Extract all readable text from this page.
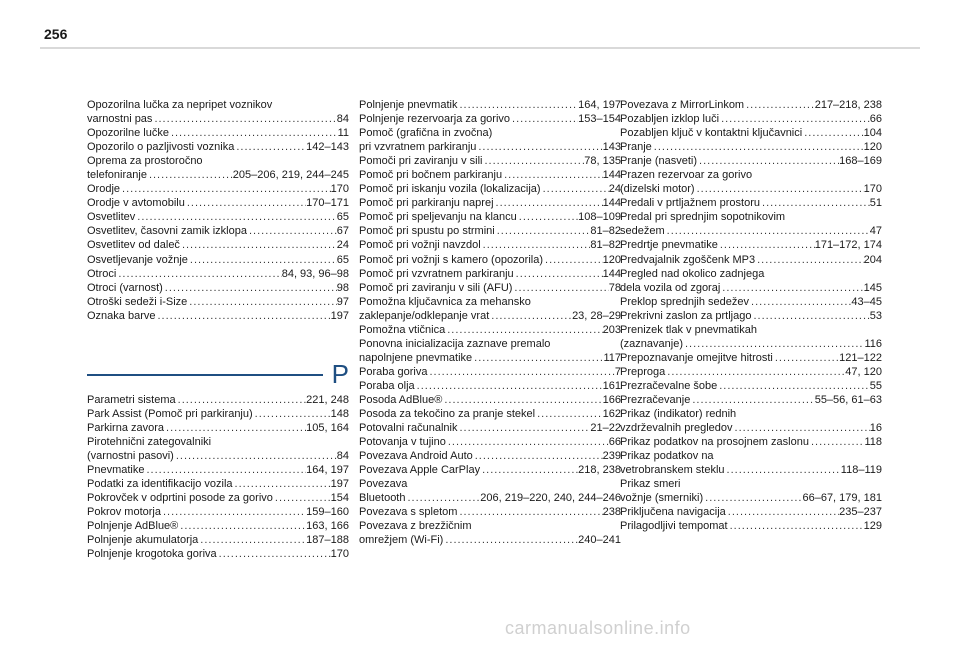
256
Opozorilna lučka za nepripet voznikov
varnostni pas .....	84
Opozorilne lučke .....	11
Opozorilo o pazljivosti voznika .....	142–143
Oprema za prostoročno
telefoniranje .....	205–206, 219, 244–245
Orodje .....	170
Orodje v avtomobilu .....	170–171
Osvetlitev .....	65
Osvetlitev, časovni zamik izklopa .....	67
Osvetlitev od daleč .....	24
Osvetljevanje vožnje .....	65
Otroci .....	84, 93, 96–98
Otroci (varnost) .....	98
Otroški sedeži i-Size .....	97
Oznaka barve .....	197
P
Parametri sistema .....	221, 248
Park Assist (Pomoč pri parkiranju) .....	148
Parkirna zavora .....	105, 164
Pirotehnični zategovalniki
(varnostni pasovi) .....	84
Pnevmatike .....	164, 197
Podatki za identifikacijo vozila .....	197
Pokrovček v odprtini posode za gorivo .....	154
Pokrov motorja .....	159–160
Polnjenje AdBlue® .....	163, 166
Polnjenje akumulatorja .....	187–188
Polnjenje krogotoka goriva .....	170
Polnjenje pnevmatik .....	164, 197
Polnjenje rezervoarja za gorivo .....	153–154
Pomoč (grafična in zvočna)
pri vzvratnem parkiranju .....	143
Pomoči pri zaviranju v sili .....	78, 135
Pomoč pri bočnem parkiranju .....	144
Pomoč pri iskanju vozila (lokalizacija) .....	24
Pomoč pri parkiranju naprej .....	144
Pomoč pri speljevanju na klancu .....	108–109
Pomoč pri spustu po strmini .....	81–82
Pomoč pri vožnji navzdol .....	81–82
Pomoč pri vožnji s kamero (opozorila) .....	120
Pomoč pri vzvratnem parkiranju .....	144
Pomoč pri zaviranju v sili (AFU) .....	78
Pomožna ključavnica za mehansko
zaklepanje/odklepanje vrat .....	23, 28–29
Pomožna vtičnica .....	203
Ponovna inicializacija zaznave premalo
napolnjene pnevmatike .....	117
Poraba goriva .....	7
Poraba olja .....	161
Posoda AdBlue® .....	166
Posoda za tekočino za pranje stekel .....	162
Potovalni računalnik .....	21–22
Potovanja v tujino .....	66
Povezava Android Auto .....	239
Povezava Apple CarPlay .....	218, 238
Povezava
Bluetooth .....	206, 219–220, 240, 244–246
Povezava s spletom .....	238
Povezava z brezžičnim
omrežjem (Wi-Fi) .....	240–241
Povezava z MirrorLinkom .....	217–218, 238
Pozabljen izklop luči .....	66
Pozabljen ključ v kontaktni ključavnici .....	104
Pranje .....	120
Pranje (nasveti) .....	168–169
Prazen rezervoar za gorivo
(dizelski motor) .....	170
Predali v prtljažnem prostoru .....	51
Predal pri sprednjim sopotnikovim
sedežem .....	47
Predrtje pnevmatike .....	171–172, 174
Predvajalnik zgoščenk MP3 .....	204
Pregled nad okolico zadnjega
dela vozila od zgoraj .....	145
Preklop sprednjih sedežev .....	43–45
Prekrivni zaslon za prtljago .....	53
Prenizek tlak v pnevmatikah
(zaznavanje) .....	116
Prepoznavanje omejitve hitrosti .....	121–122
Preproga .....	47, 120
Prezračevalne šobe .....	55
Prezračevanje .....	55–56, 61–63
Prikaz (indikator) rednih
vzdrževalnih pregledov .....	16
Prikaz podatkov na prosojnem zaslonu .....	118
Prikaz podatkov na
vetrobranskem steklu .....	118–119
Prikaz smeri
vožnje (smerniki) .....	66–67, 179, 181
Priključena navigacija .....	235–237
Prilagodljivi tempomat .....	129
carmanualsonline.info
